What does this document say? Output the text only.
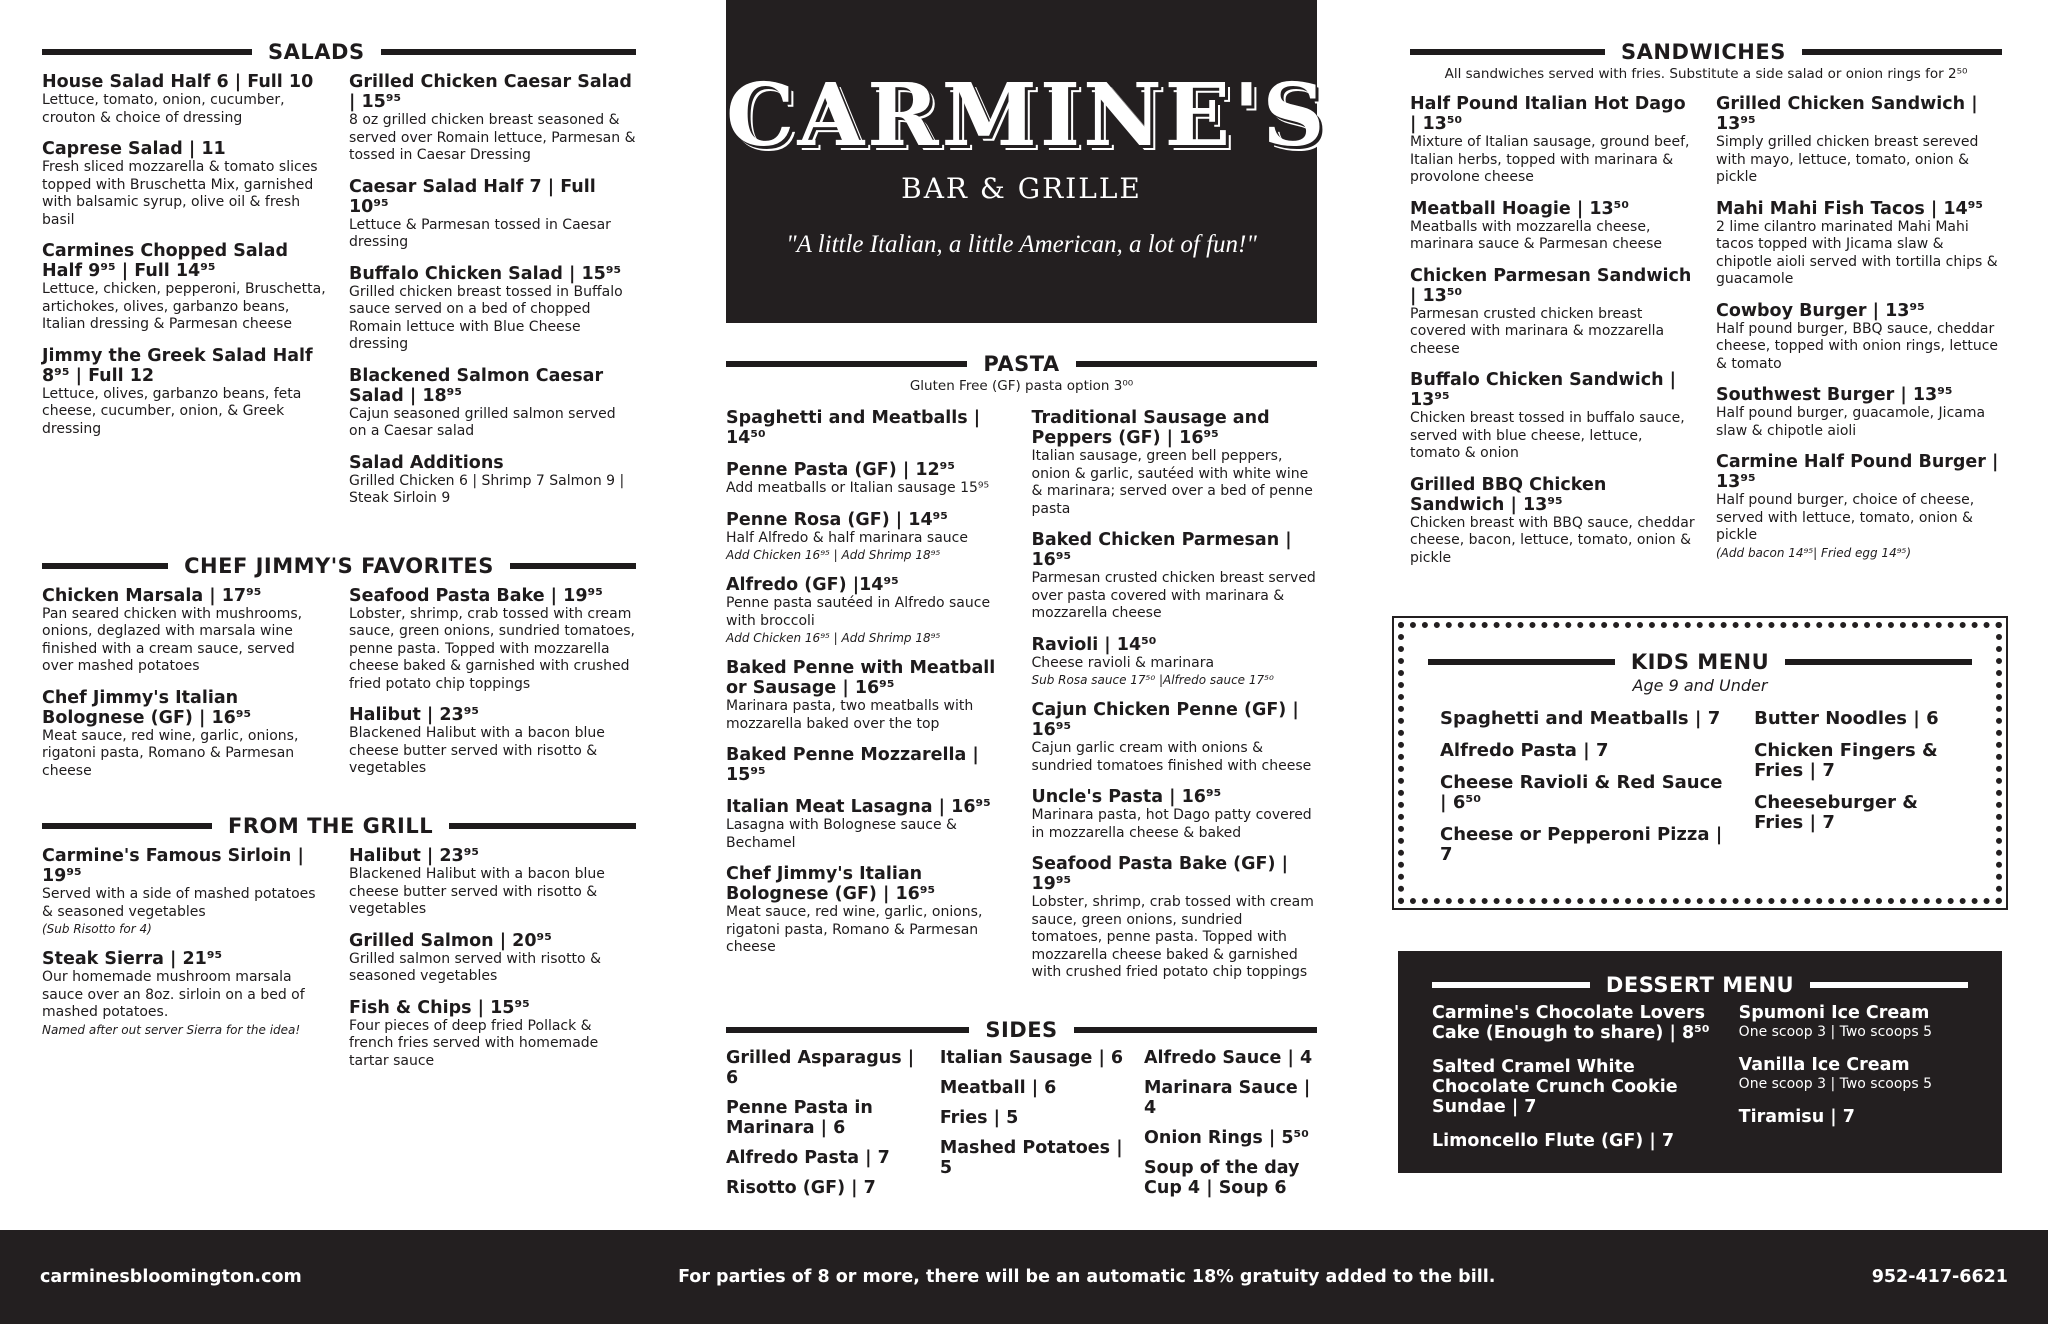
SALADS
House Salad Half 6 | Full 10
Lettuce, tomato, onion, cucumber, crouton & choice of dressing
Caprese Salad | 11
Fresh sliced mozzarella & tomato slices topped with Bruschetta Mix, garnished with balsamic syrup, olive oil & fresh basil
Carmines Chopped Salad Half 9⁹⁵ | Full 14⁹⁵
Lettuce, chicken, pepperoni, Bruschetta, artichokes, olives, garbanzo beans, Italian dressing & Parmesan cheese
Jimmy the Greek Salad Half 8⁹⁵ | Full 12
Lettuce, olives, garbanzo beans, feta cheese, cucumber, onion, & Greek dressing
Grilled Chicken Caesar Salad | 15⁹⁵
8 oz grilled chicken breast seasoned & served over Romain lettuce, Parmesan & tossed in Caesar Dressing
Caesar Salad Half 7 | Full 10⁹⁵
Lettuce & Parmesan tossed in Caesar dressing
Buffalo Chicken Salad | 15⁹⁵
Grilled chicken breast tossed in Buffalo sauce served on a bed of chopped Romain lettuce with Blue Cheese dressing
Blackened Salmon Caesar Salad | 18⁹⁵
Cajun seasoned grilled salmon served on a Caesar salad
Salad Additions
Grilled Chicken 6 | Shrimp 7 Salmon 9 | Steak Sirloin 9
CHEF JIMMY'S FAVORITES
Chicken Marsala | 17⁹⁵
Pan seared chicken with mushrooms, onions, deglazed with marsala wine finished with a cream sauce, served over mashed potatoes
Chef Jimmy's Italian Bolognese (GF) | 16⁹⁵
Meat sauce, red wine, garlic, onions, rigatoni pasta, Romano & Parmesan cheese
Seafood Pasta Bake | 19⁹⁵
Lobster, shrimp, crab tossed with cream sauce, green onions, sundried tomatoes, penne pasta. Topped with mozzarella cheese baked & garnished with crushed fried potato chip toppings
Halibut | 23⁹⁵
Blackened Halibut with a bacon blue cheese butter served with risotto & vegetables
FROM THE GRILL
Carmine's Famous Sirloin | 19⁹⁵
Served with a side of mashed potatoes & seasoned vegetables
(Sub Risotto for 4)
Steak Sierra | 21⁹⁵
Our homemade mushroom marsala sauce over an 8oz. sirloin on a bed of mashed potatoes.
Named after out server Sierra for the idea!
Halibut | 23⁹⁵
Blackened Halibut with a bacon blue cheese butter served with risotto & vegetables
Grilled Salmon | 20⁹⁵
Grilled salmon served with risotto & seasoned vegetables
Fish & Chips | 15⁹⁵
Four pieces of deep fried Pollack & french fries served with homemade tartar sauce
CARMINE'S
BAR & GRILLE
"A little Italian, a little American, a lot of fun!"
PASTA
Gluten Free (GF) pasta option 3⁰⁰
Spaghetti and Meatballs | 14⁵⁰
Penne Pasta (GF) | 12⁹⁵
Add meatballs or Italian sausage 15⁹⁵
Penne Rosa (GF) | 14⁹⁵
Half Alfredo & half marinara sauce
Add Chicken 16⁹⁵ | Add Shrimp 18⁹⁵
Alfredo (GF) |14⁹⁵
Penne pasta sautéed in Alfredo sauce with broccoli
Add Chicken 16⁹⁵ | Add Shrimp 18⁹⁵
Baked Penne with Meatball or Sausage | 16⁹⁵
Marinara pasta, two meatballs with mozzarella baked over the top
Baked Penne Mozzarella | 15⁹⁵
Italian Meat Lasagna | 16⁹⁵
Lasagna with Bolognese sauce & Bechamel
Chef Jimmy's Italian Bolognese (GF) | 16⁹⁵
Meat sauce, red wine, garlic, onions, rigatoni pasta, Romano & Parmesan cheese
Traditional Sausage and Peppers (GF) | 16⁹⁵
Italian sausage, green bell peppers, onion & garlic, sautéed with white wine & marinara; served over a bed of penne pasta
Baked Chicken Parmesan | 16⁹⁵
Parmesan crusted chicken breast served over pasta covered with marinara & mozzarella cheese
Ravioli | 14⁵⁰
Cheese ravioli & marinara
Sub Rosa sauce 17⁵⁰ |Alfredo sauce 17⁵⁰
Cajun Chicken Penne (GF) | 16⁹⁵
Cajun garlic cream with onions & sundried tomatoes finished with cheese
Uncle's Pasta | 16⁹⁵
Marinara pasta, hot Dago patty covered in mozzarella cheese & baked
Seafood Pasta Bake (GF) | 19⁹⁵
Lobster, shrimp, crab tossed with cream sauce, green onions, sundried tomatoes, penne pasta. Topped with mozzarella cheese baked & garnished with crushed fried potato chip toppings
SIDES
Grilled Asparagus | 6
Penne Pasta in Marinara | 6
Alfredo Pasta | 7
Risotto (GF) | 7
Italian Sausage | 6
Meatball | 6
Fries | 5
Mashed Potatoes | 5
Alfredo Sauce | 4
Marinara Sauce | 4
Onion Rings | 5⁵⁰
Soup of the day Cup 4 | Soup 6
SANDWICHES
All sandwiches served with fries. Substitute a side salad or onion rings for 2⁵⁰
Half Pound Italian Hot Dago | 13⁵⁰
Mixture of Italian sausage, ground beef, Italian herbs, topped with marinara & provolone cheese
Meatball Hoagie | 13⁵⁰
Meatballs with mozzarella cheese, marinara sauce & Parmesan cheese
Chicken Parmesan Sandwich | 13⁵⁰
Parmesan crusted chicken breast covered with marinara & mozzarella cheese
Buffalo Chicken Sandwich | 13⁹⁵
Chicken breast tossed in buffalo sauce, served with blue cheese, lettuce, tomato & onion
Grilled BBQ Chicken Sandwich | 13⁹⁵
Chicken breast with BBQ sauce, cheddar cheese, bacon, lettuce, tomato, onion & pickle
Grilled Chicken Sandwich | 13⁹⁵
Simply grilled chicken breast sereved with mayo, lettuce, tomato, onion & pickle
Mahi Mahi Fish Tacos | 14⁹⁵
2 lime cilantro marinated Mahi Mahi tacos topped with Jicama slaw & chipotle aioli served with tortilla chips & guacamole
Cowboy Burger | 13⁹⁵
Half pound burger, BBQ sauce, cheddar cheese, topped with onion rings, lettuce & tomato
Southwest Burger | 13⁹⁵
Half pound burger, guacamole, Jicama slaw & chipotle aioli
Carmine Half Pound Burger | 13⁹⁵
Half pound burger, choice of cheese, served with lettuce, tomato, onion & pickle
(Add bacon 14⁹⁵| Fried egg 14⁹⁵)
KIDS MENU
Age 9 and Under
Spaghetti and Meatballs | 7
Alfredo Pasta | 7
Cheese Ravioli & Red Sauce | 6⁵⁰
Cheese or Pepperoni Pizza | 7
Butter Noodles | 6
Chicken Fingers & Fries | 7
Cheeseburger & Fries | 7
DESSERT MENU
Carmine's Chocolate Lovers Cake (Enough to share) | 8⁵⁰
Salted Cramel White Chocolate Crunch Cookie Sundae | 7
Limoncello Flute (GF) | 7
Spumoni Ice Cream
One scoop 3 | Two scoops 5
Vanilla Ice Cream
One scoop 3 | Two scoops 5
Tiramisu | 7
carminesbloomington.com	For parties of 8 or more, there will be an automatic 18% gratuity added to the bill.	952-417-6621
